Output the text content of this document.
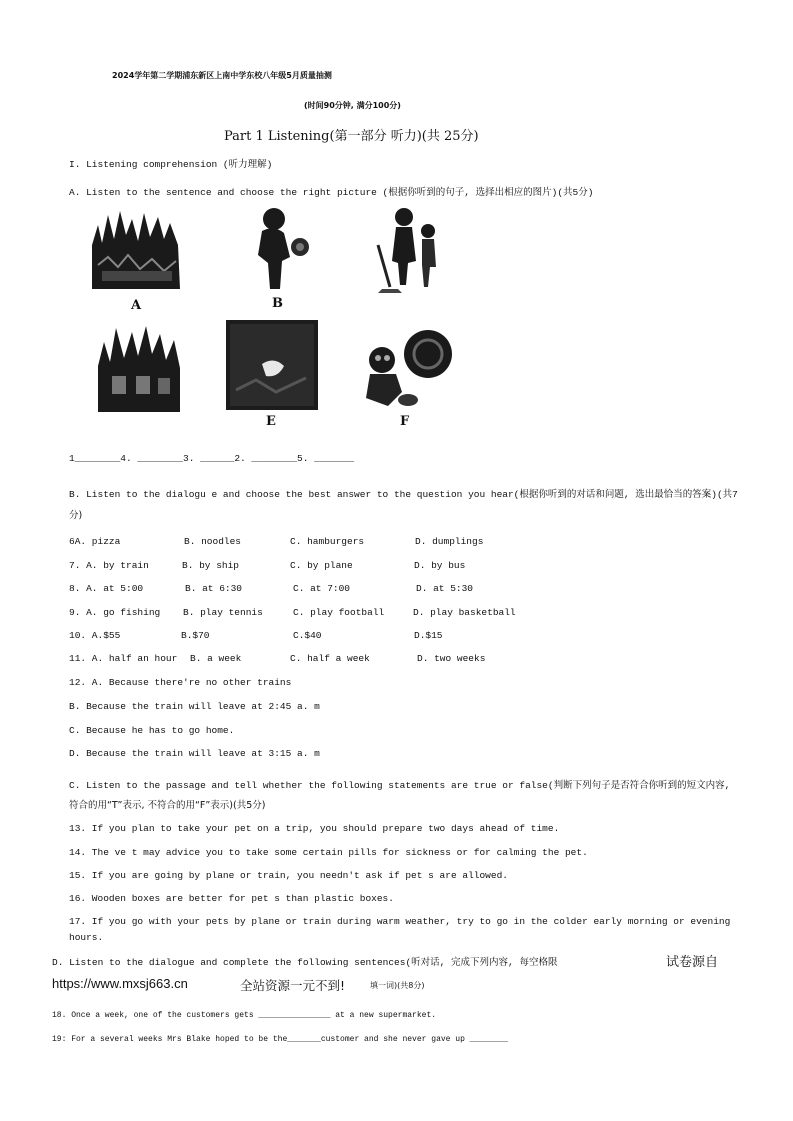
2024学年第二学期浦东新区上南中学东校八年级5月质量抽测
(时间90分钟, 满分100分)
Part 1 Listening(第一部分 听力)(共 25分)
I. Listening comprehension (听力理解)
A. Listen to the sentence and choose the right picture (根据你听到的句子, 选择出相应的图片)(共5分)
A	B
E	F
1________4. ________3. ______2. ________5. _______
B. Listen to the dialogu e and choose the best answer to the question you hear(根据你听到的对话和问题, 选出最恰当的答案)(共7
分)
6A. pizza	B. noodles	C. hamburgers	D. dumplings
7. A. by train	B. by ship	C. by plane	D. by bus
8. A. at 5:00	B. at 6:30	C. at 7:00	D. at 5:30
9. A. go fishing B. play tennis	C. play football	D. play basketball
10. A.$55	B.$70	C.$40	D.$15
11. A. half an hour B. a week	C. half a week	D. two weeks
12. A. Because there're no other trains
B. Because the train will leave at 2:45 a. m
C. Because he has to go home.
D. Because the train will leave at 3:15 a. m
C. Listen to the passage and tell whether the following statements are true or false(判断下列句子是否符合你听到的短文内容,
符合的用“T”表示, 不符合的用“F”表示)(共5分)
13. If you plan to take your pet on a trip, you should prepare two days ahead of time.
14. The ve t may advice you to take some certain pills for sickness or for calming the pet.
15. If you are going by plane or train, you needn't ask if pet s are allowed.
16. Wooden boxes are better for pet s than plastic boxes.
17. If you go with your pets by plane or train during warm weather, try to go in the colder early morning or evening
hours.
D. Listen to the dialogue and complete the following sentences(听对话, 完成下列内容, 每空格限	试卷源自
https://www.mxsj663.cn	全站资源一元不到!	填一词)(共8分)
18. Once a week, one of the customers gets _______________ at a new supermarket.
19: For a several weeks Mrs Blake hoped to be the_______customer and she never gave up ________
